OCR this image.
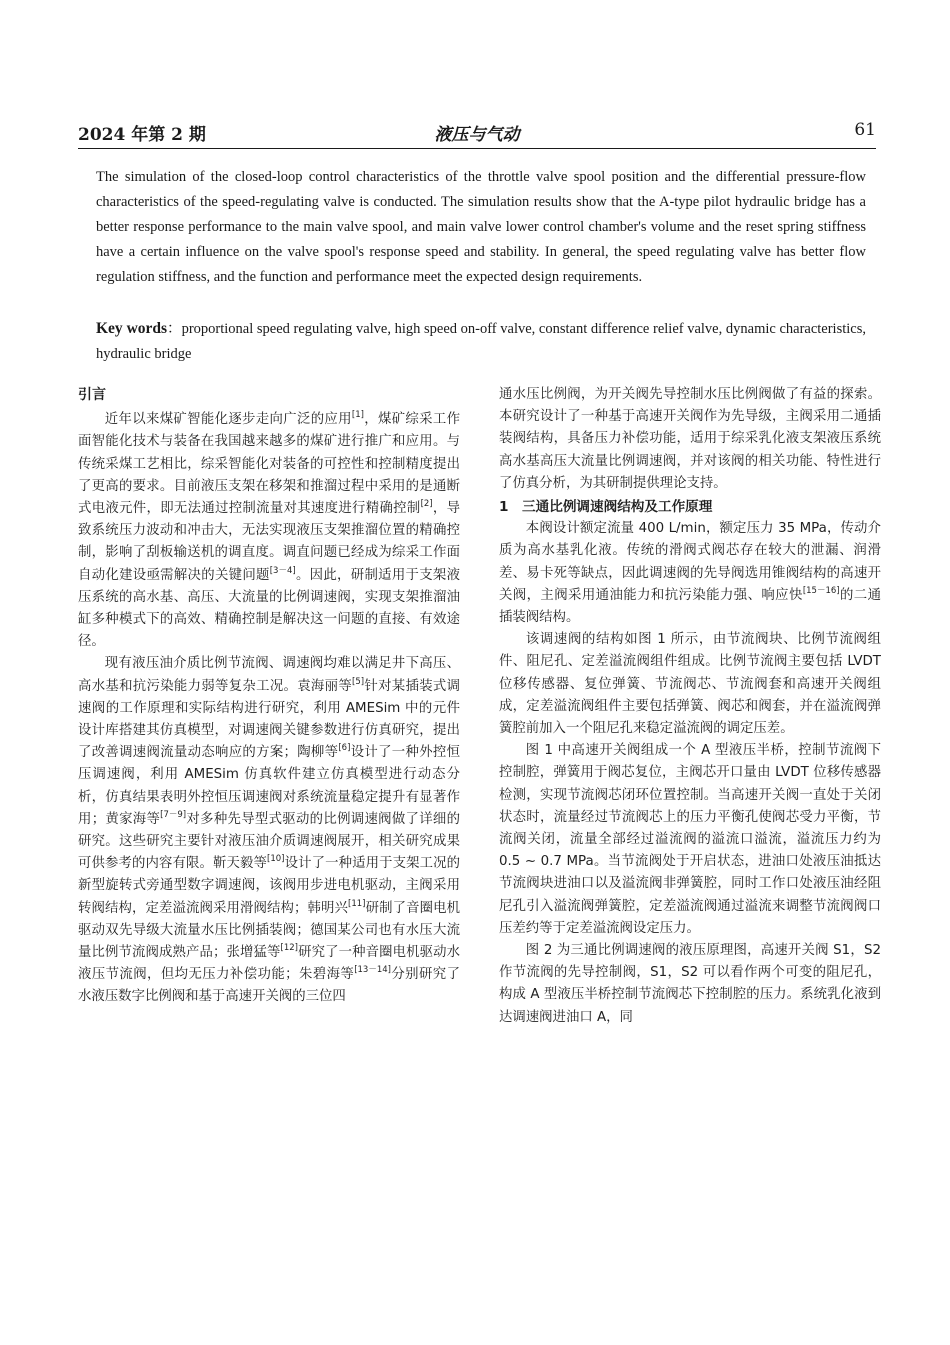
2024 年第 2 期	液压与气动	61
The simulation of the closed-loop control characteristics of the throttle valve spool position and the differential pressure-flow characteristics of the speed-regulating valve is conducted. The simulation results show that the A-type pilot hydraulic bridge has a better response performance to the main valve spool, and main valve lower control chamber's volume and the reset spring stiffness have a certain influence on the valve spool's response speed and stability. In general, the speed regulating valve has better flow regulation stiffness, and the function and performance meet the expected design requirements.
Key words：proportional speed regulating valve, high speed on-off valve, constant difference relief valve, dynamic characteristics, hydraulic bridge
引言

近年以来煤矿智能化逐步走向广泛的应用[1]，煤矿综采工作面智能化技术与装备在我国越来越多的煤矿进行推广和应用。与传统采煤工艺相比，综采智能化对装备的可控性和控制精度提出了更高的要求。目前液压支架在移架和推溜过程中采用的是通断式电液元件，即无法通过控制流量对其速度进行精确控制[2]，导致系统压力波动和冲击大，无法实现液压支架推溜位置的精确控制，影响了刮板输送机的调直度。调直问题已经成为综采工作面自动化建设亟需解决的关键问题[3－4]。因此，研制适用于支架液压系统的高水基、高压、大流量的比例调速阀，实现支架推溜油缸多种模式下的高效、精确控制是解决这一问题的直接、有效途径。

现有液压油介质比例节流阀、调速阀均难以满足井下高压、高水基和抗污染能力弱等复杂工况。袁海丽等[5]针对某插装式调速阀的工作原理和实际结构进行研究，利用 AMESim 中的元件设计库搭建其仿真模型，对调速阀关键参数进行仿真研究，提出了改善调速阀流量动态响应的方案；陶柳等[6]设计了一种外控恒压调速阀，利用 AMESim 仿真软件建立仿真模型进行动态分析，仿真结果表明外控恒压调速阀对系统流量稳定提升有显著作用；黄家海等[7－9]对多种先导型式驱动的比例调速阀做了详细的研究。这些研究主要针对液压油介质调速阀展开，相关研究成果可供参考的内容有限。靳天毅等[10]设计了一种适用于支架工况的新型旋转式旁通型数字调速阀，该阀用步进电机驱动，主阀采用转阀结构，定差溢流阀采用滑阀结构；韩明兴[11]研制了音圈电机驱动双先导级大流量水压比例插装阀；德国某公司也有水压大流量比例节流阀成熟产品；张增猛等[12]研究了一种音圈电机驱动水液压节流阀，但均无压力补偿功能；朱碧海等[13－14]分别研究了水液压数字比例阀和基于高速开关阀的三位四

通水压比例阀，为开关阀先导控制水压比例阀做了有益的探索。本研究设计了一种基于高速开关阀作为先导级，主阀采用二通插装阀结构，具备压力补偿功能，适用于综采乳化液支架液压系统高水基高压大流量比例调速阀，并对该阀的相关功能、特性进行了仿真分析，为其研制提供理论支持。

1　三通比例调速阀结构及工作原理

本阀设计额定流量 400 L/min，额定压力 35 MPa，传动介质为高水基乳化液。传统的滑阀式阀芯存在较大的泄漏、润滑差、易卡死等缺点，因此调速阀的先导阀选用锥阀结构的高速开关阀，主阀采用通油能力和抗污染能力强、响应快[15－16]的二通插装阀结构。

该调速阀的结构如图 1 所示，由节流阀块、比例节流阀组件、阻尼孔、定差溢流阀组件组成。比例节流阀主要包括 LVDT 位移传感器、复位弹簧、节流阀芯、节流阀套和高速开关阀组成，定差溢流阀组件主要包括弹簧、阀芯和阀套，并在溢流阀弹簧腔前加入一个阻尼孔来稳定溢流阀的调定压差。

图 1 中高速开关阀组成一个 A 型液压半桥，控制节流阀下控制腔，弹簧用于阀芯复位，主阀芯开口量由 LVDT 位移传感器检测，实现节流阀芯闭环位置控制。当高速开关阀一直处于关闭状态时，流量经过节流阀芯上的压力平衡孔使阀芯受力平衡，节流阀关闭，流量全部经过溢流阀的溢流口溢流，溢流压力约为 0.5 ~ 0.7 MPa。当节流阀处于开启状态，进油口处液压油抵达节流阀块进油口以及溢流阀非弹簧腔，同时工作口处液压油经阻尼孔引入溢流阀弹簧腔，定差溢流阀通过溢流来调整节流阀阀口压差约等于定差溢流阀设定压力。

图 2 为三通比例调速阀的液压原理图，高速开关阀 S1，S2 作节流阀的先导控制阀，S1，S2 可以看作两个可变的阻尼孔，构成 A 型液压半桥控制节流阀芯下控制腔的压力。系统乳化液到达调速阀进油口 A，同
